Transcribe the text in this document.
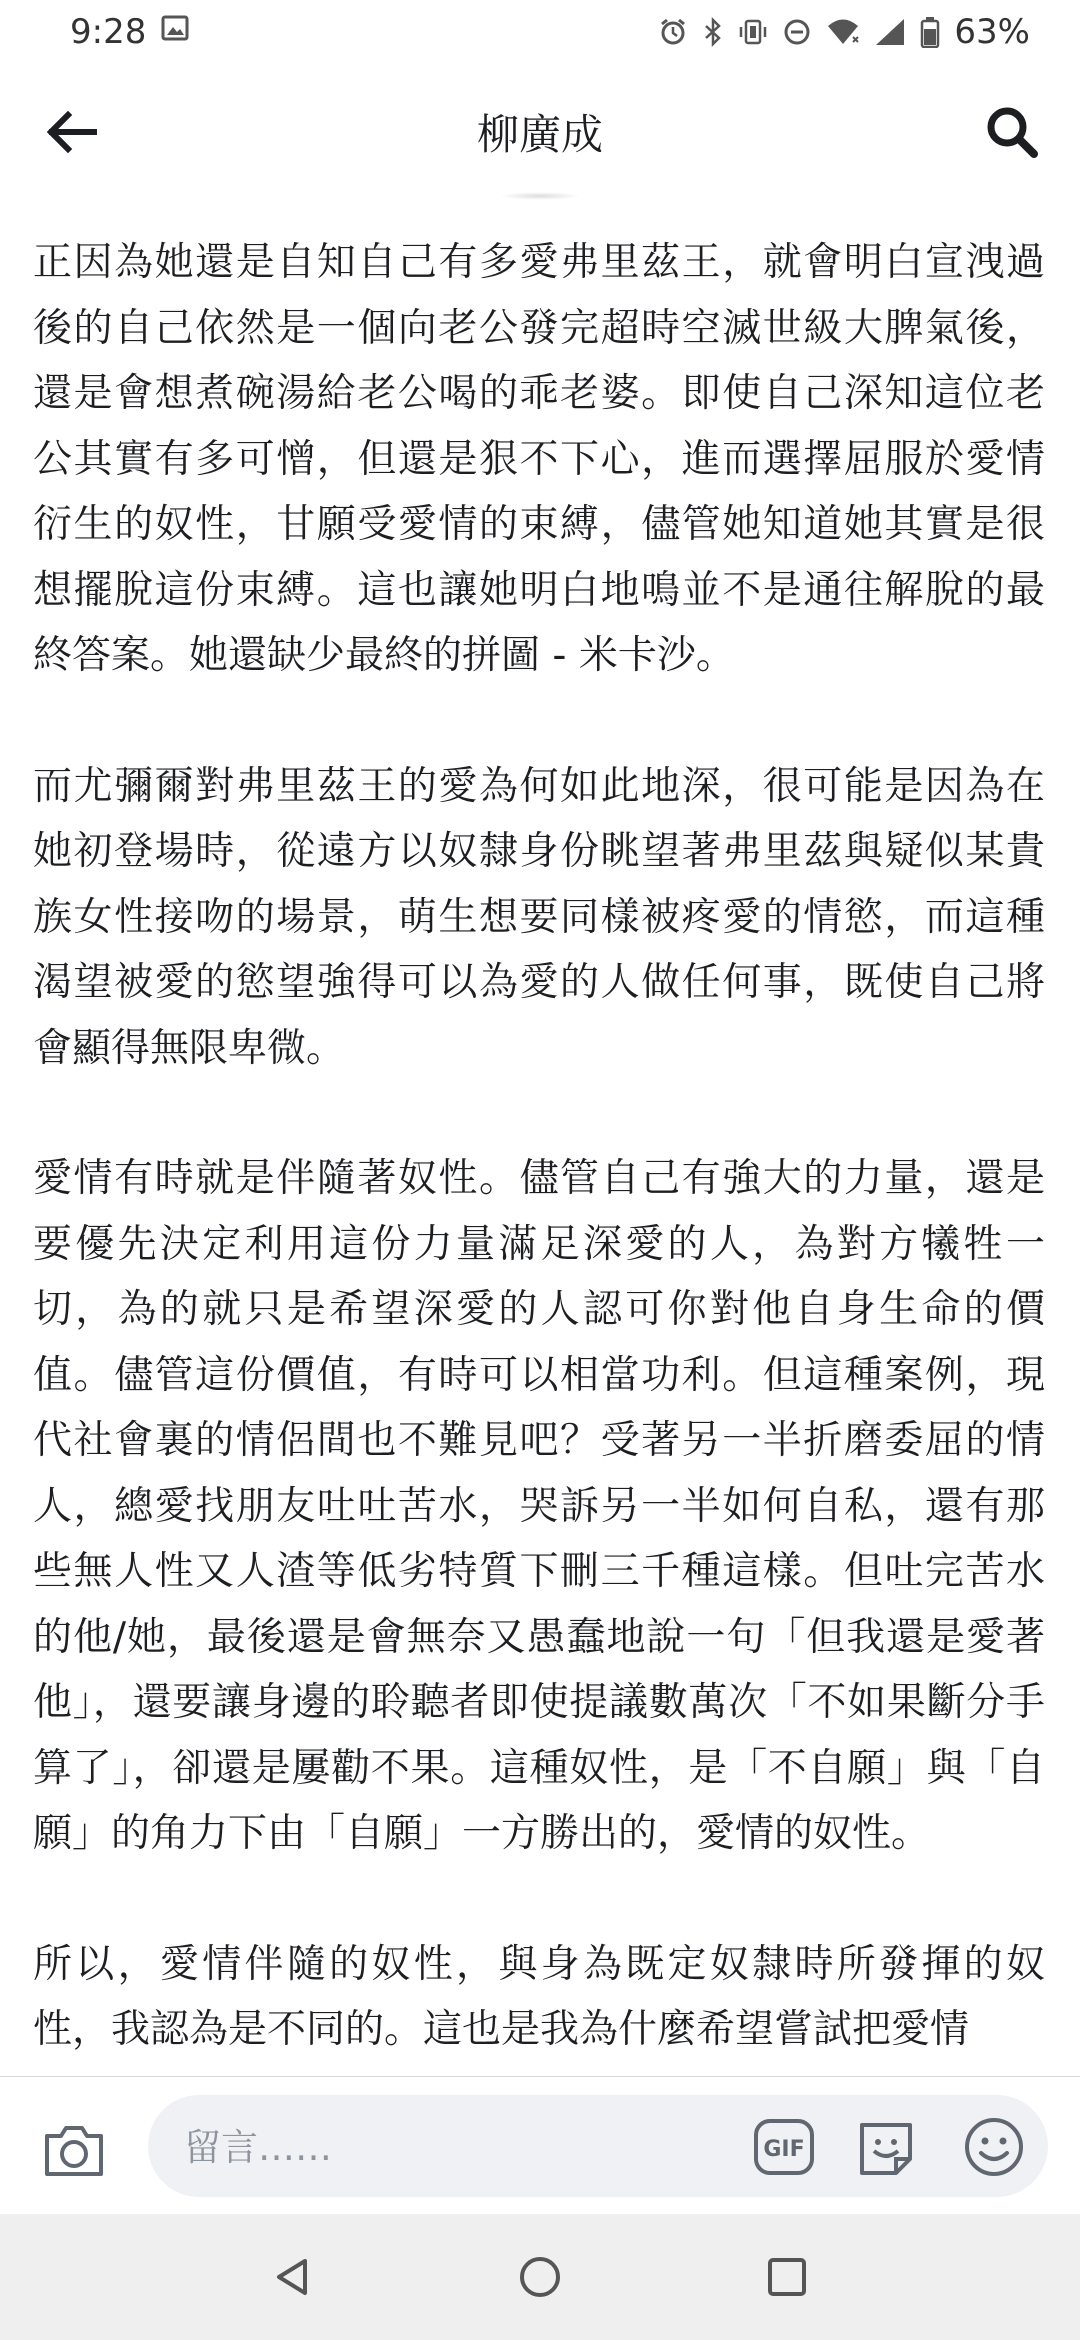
9:28	63%
柳廣成

正因為她還是自知自己有多愛弗里茲王，就會明白宣洩過後的自己依然是一個向老公發完超時空滅世級大脾氣後，還是會想煮碗湯給老公喝的乖老婆。即使自己深知這位老公其實有多可憎，但還是狠不下心，進而選擇屈服於愛情衍生的奴性，甘願受愛情的束縛，儘管她知道她其實是很想擺脫這份束縛。這也讓她明白地鳴並不是通往解脫的最終答案。她還缺少最終的拼圖 - 米卡沙。

而尤彌爾對弗里茲王的愛為何如此地深，很可能是因為在她初登場時，從遠方以奴隸身份眺望著弗里茲與疑似某貴族女性接吻的場景，萌生想要同樣被疼愛的情慾，而這種渴望被愛的慾望強得可以為愛的人做任何事，既使自己將會顯得無限卑微。

愛情有時就是伴隨著奴性。儘管自己有強大的力量，還是要優先決定利用這份力量滿足深愛的人，為對方犧牲一切，為的就只是希望深愛的人認可你對他自身生命的價值。儘管這份價值，有時可以相當功利。但這種案例，現代社會裏的情侶間也不難見吧？受著另一半折磨委屈的情人，總愛找朋友吐吐苦水，哭訴另一半如何自私，還有那些無人性又人渣等低劣特質下刪三千種這樣。但吐完苦水的他/她，最後還是會無奈又愚蠢地說一句「但我還是愛著他」，還要讓身邊的聆聽者即使提議數萬次「不如果斷分手算了」，卻還是屢勸不果。這種奴性，是「不自願」與「自願」的角力下由「自願」一方勝出的，愛情的奴性。

所以，愛情伴隨的奴性，與身為既定奴隸時所發揮的奴性，我認為是不同的。這也是我為什麼希望嘗試把愛情

留言……
GIF
